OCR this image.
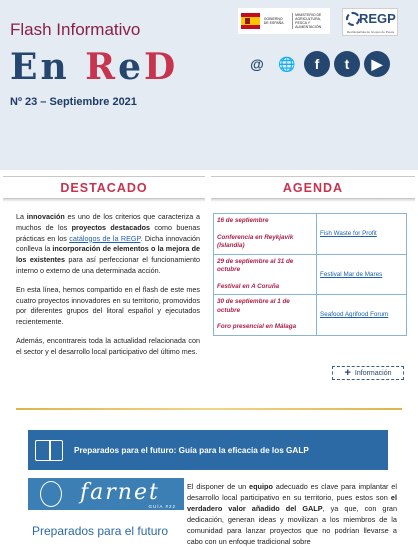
Flash Informativo
En ReD
Nº 23 – Septiembre 2021
GOBIERNO DE ESPAÑA
MINISTERIO DE AGRICULTURA, PESCA Y ALIMENTACIÓN
REGP
Red Española de Grupos de Pesca
@	🌐	f	t	▶
DESTACADO	AGENDA

La innovación es uno de los criterios que caracteriza a muchos de los proyectos destacados como buenas prácticas en los catálogos de la REGP. Dicha innovación conlleva la incorporación de elementos o la mejora de los existentes para así perfeccionar el funcionamiento interno o externo de una determinada acción.

En esta línea, hemos compartido en el flash de este mes cuatro proyectos innovadores en su territorio, promovidos por diferentes grupos del litoral español y ejecutados recientemente.

Además, encontrareis toda la actualidad relacionada con el sector y el desarrollo local participativo del último mes.

16 de septiembre
Conferencia en Reykjavik (Islandia)	Fish Waste for Profit

29 de septiembre al 31 de octubre
Festival en A Coruña	Festival Mar de Mares

30 de septiembre al 1 de octubre
Foro presencial en Málaga	Seafood Agrifood Forum
+ Información
Preparados para el futuro: Guía para la eficacia de los GALP
farnet
GUÍA #22
Preparados para el futuro
El disponer de un equipo adecuado es clave para implantar el desarrollo local participativo en su territorio, pues estos son el verdadero valor añadido del GALP, ya que, con gran dedicación, generan ideas y movilizan a los miembros de la comunidad para lanzar proyectos que no podrían llevarse a cabo con un enfoque tradicional sobre
